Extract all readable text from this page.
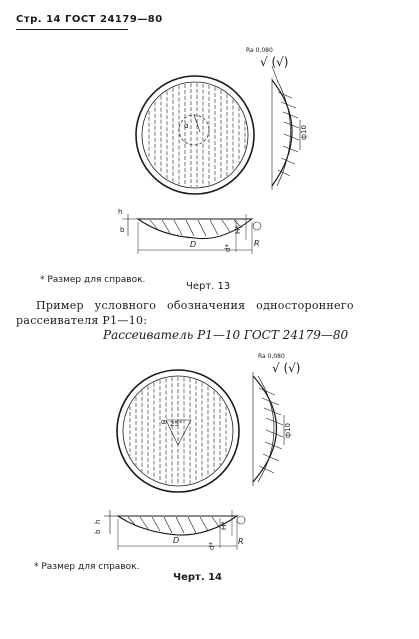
Стр. 14 ГОСТ 24179—80
α	ф10
Ra 0,080
√ (√)
h
b
D	d*
H*
R
* Размер для справок.
Черт. 13
Пример условного обозначения одностороннего
рассеивателя Р1—10:
Рассеиватель Р1—10 ГОСТ 24179—80
α 25°	ф10
Ra 0,080
√ (√)
h
b
D
d*
H*
R
* Размер для справок.
Черт. 14
